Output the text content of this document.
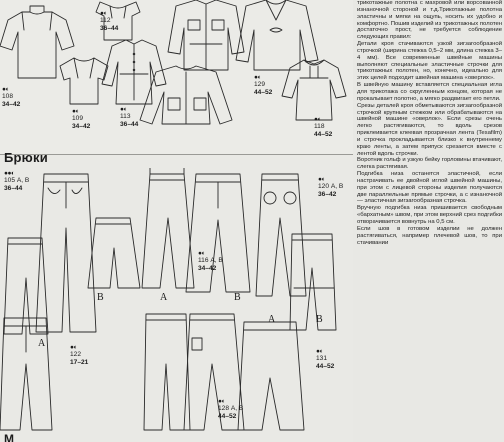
●◐
108
34–42
●◐
109
34–42
●◐
112
36–44
●◐
113
36–44
●◐
129
44–52
●◐
118
44–52
Брюки
●●◐
105 А, В
36–44
●◐
116 А, В
34–42
●◐
120 А, В
36–42
●◐
122
17–21
●◐
128 А, В
44–52
●◐
131
44–52
B	A	B
A
A	B
М

трикотажные полотна с махровой или ворсованной изнаночной стороной и т.д.Трикотажные полотна эластичны и мягки на ощупь, носить их удобно и комфортно. Пошив изделий из трикотажных полотен достаточно прост, не требуется соблюдение следующих правил:

Детали кроя стачиваются узкой зигзагообразной строчкой (ширина стежка 0,5–2 мм, длина стежка 3–4 мм). Все современные швейные машины выполняют специальные эластичные строчки для трикотажных полотен, но, конечно, идеально для этих целей подходит швейная машина «оверлок».

В швейную машину вставляется специальная игла для трикотажа со скругленным концом, которая не прокалывает полотно, а мягко раздвигает его петли.

Срезы деталей кроя обметываются зигзагообразной строчкой крупным стежком или обрабатываются на швейной машине «оверлок». Если срезы очень легко растягиваются, то вдоль срезов приклеивается клеевая прозрачная лента (Tesafilm) и строчка прокладывается близко к внутреннему краю ленты, а затем припуск срезается вместе с лентой вдоль строчки.

Воротник гольф и узкую бейку горловины втачивают, слегка растягивая.

Подгибка низа останется эластичной, если настрачивать ее двойной иглой швейной машины, при этом с лицевой стороны изделия получаются две параллельные прямые строчки, а с изнаночной — эластичная зигзагообразная строчка.

Вручную подгибка низа пришивается свободным «бархатным» швом, при этом верхний срез подгибки отворачивается вовнутрь на 0,5 см.

Если шов в готовом изделии не должен растягиваться, например плечевой шов, то при стачивании
